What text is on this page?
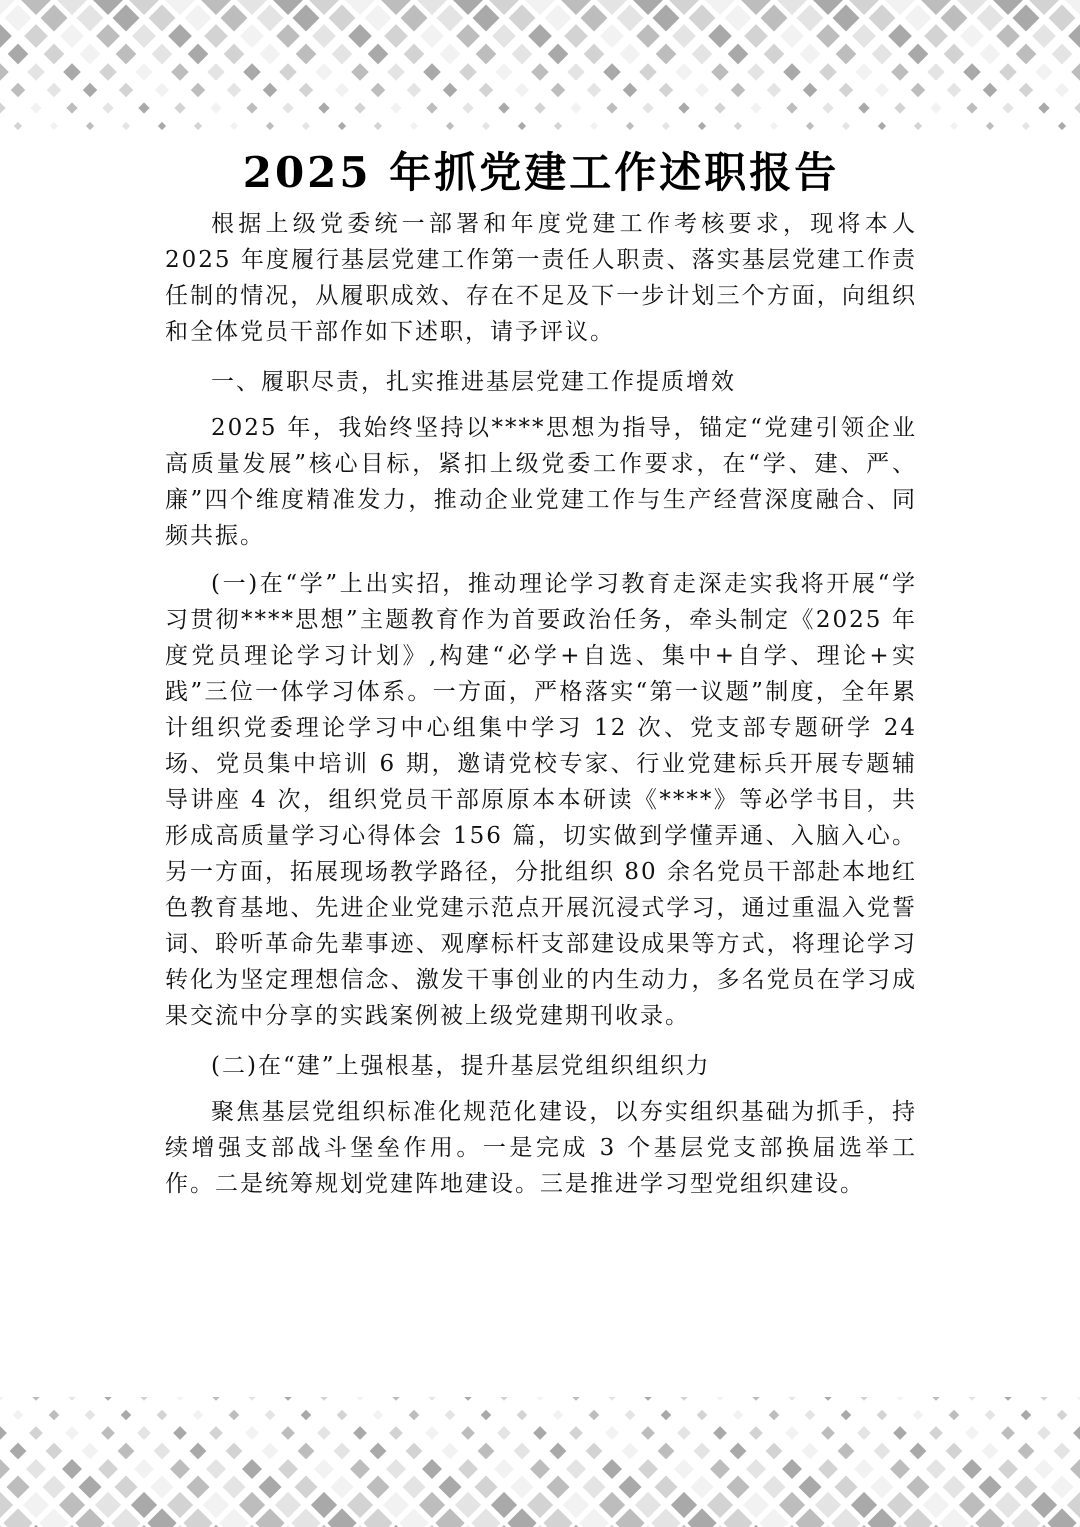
2025 年抓党建工作述职报告

根据上级党委统一部署和年度党建工作考核要求，现将本人 2025 年度履行基层党建工作第一责任人职责、落实基层党建工作责任制的情况，从履职成效、存在不足及下一步计划三个方面，向组织和全体党员干部作如下述职，请予评议。

一、履职尽责，扎实推进基层党建工作提质增效

2025 年，我始终坚持以****思想为指导，锚定“党建引领企业高质量发展”核心目标，紧扣上级党委工作要求，在“学、建、严、廉”四个维度精准发力，推动企业党建工作与生产经营深度融合、同频共振。

(一)在“学”上出实招，推动理论学习教育走深走实我将开展“学习贯彻****思想”主题教育作为首要政治任务，牵头制定《2025 年度党员理论学习计划》,构建“必学+自选、集中+自学、理论+实践”三位一体学习体系。一方面，严格落实“第一议题”制度，全年累计组织党委理论学习中心组集中学习 12 次、党支部专题研学 24 场、党员集中培训 6 期，邀请党校专家、行业党建标兵开展专题辅导讲座 4 次，组织党员干部原原本本研读《****》等必学书目，共形成高质量学习心得体会 156 篇，切实做到学懂弄通、入脑入心。另一方面，拓展现场教学路径，分批组织 80 余名党员干部赴本地红色教育基地、先进企业党建示范点开展沉浸式学习，通过重温入党誓词、聆听革命先辈事迹、观摩标杆支部建设成果等方式，将理论学习转化为坚定理想信念、激发干事创业的内生动力，多名党员在学习成果交流中分享的实践案例被上级党建期刊收录。

(二)在“建”上强根基，提升基层党组织组织力

聚焦基层党组织标准化规范化建设，以夯实组织基础为抓手，持续增强支部战斗堡垒作用。一是完成 3 个基层党支部换届选举工作。二是统筹规划党建阵地建设。三是推进学习型党组织建设。
